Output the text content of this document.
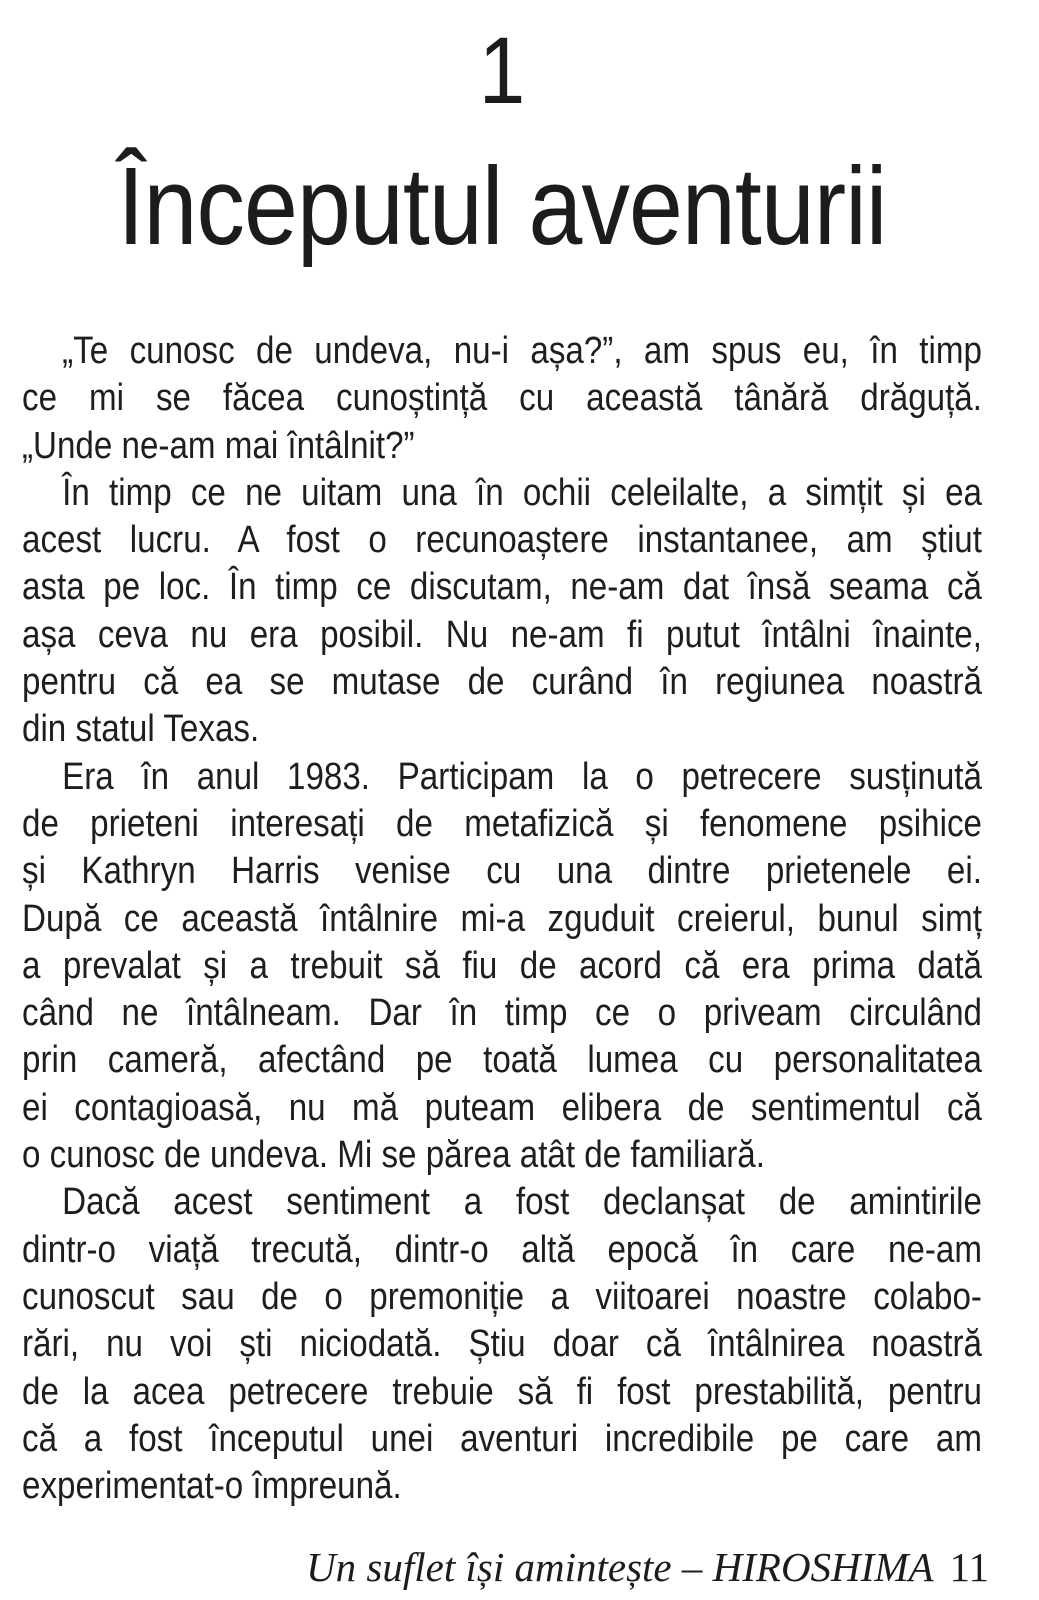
1
Începutul aventurii
„Te cunosc de undeva, nu-i așa?”, am spus eu, în timp
ce mi se făcea cunoștință cu această tânără drăguță.
„Unde ne-am mai întâlnit?”
În timp ce ne uitam una în ochii celeilalte, a simțit și ea
acest lucru. A fost o recunoaștere instantanee, am știut
asta pe loc. În timp ce discutam, ne-am dat însă seama că
așa ceva nu era posibil. Nu ne-am fi putut întâlni înainte,
pentru că ea se mutase de curând în regiunea noastră
din statul Texas.
Era în anul 1983. Participam la o petrecere susținută
de prieteni interesați de metafizică și fenomene psihice
și Kathryn Harris venise cu una dintre prietenele ei.
După ce această întâlnire mi-a zguduit creierul, bunul simț
a prevalat și a trebuit să fiu de acord că era prima dată
când ne întâlneam. Dar în timp ce o priveam circulând
prin cameră, afectând pe toată lumea cu personalitatea
ei contagioasă, nu mă puteam elibera de sentimentul că
o cunosc de undeva. Mi se părea atât de familiară.
Dacă acest sentiment a fost declanșat de amintirile
dintr-o viață trecută, dintr-o altă epocă în care ne-am
cunoscut sau de o premoniție a viitoarei noastre colabo-
rări, nu voi ști niciodată. Știu doar că întâlnirea noastră
de la acea petrecere trebuie să fi fost prestabilită, pentru
că a fost începutul unei aventuri incredibile pe care am
experimentat-o împreună.
Un suflet își amintește – HIROSHIMA 11
